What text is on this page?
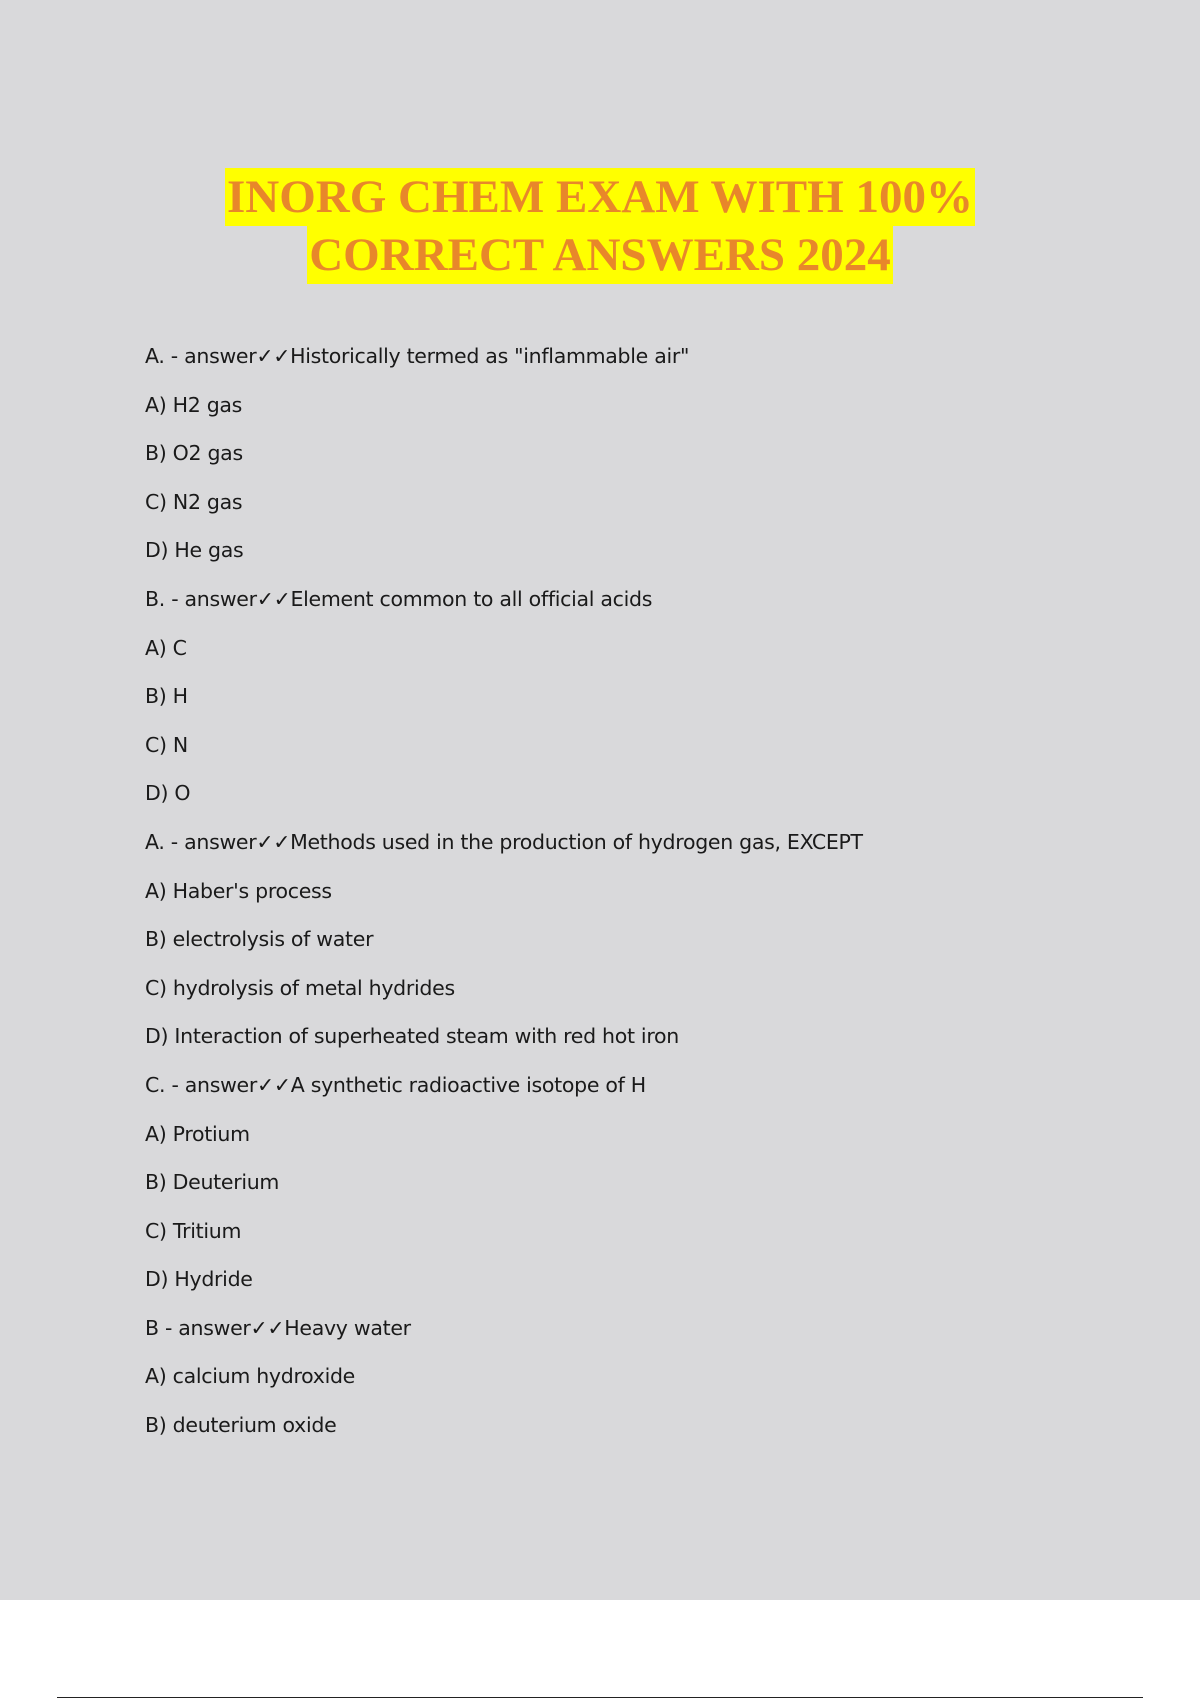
INORG CHEM EXAM WITH 100%
CORRECT ANSWERS 2024
A. - answer✓✓Historically termed as "inflammable air"
A) H2 gas
B) O2 gas
C) N2 gas
D) He gas
B. - answer✓✓Element common to all official acids
A) C
B) H
C) N
D) O
A. - answer✓✓Methods used in the production of hydrogen gas, EXCEPT
A) Haber's process
B) electrolysis of water
C) hydrolysis of metal hydrides
D) Interaction of superheated steam with red hot iron
C. - answer✓✓A synthetic radioactive isotope of H
A) Protium
B) Deuterium
C) Tritium
D) Hydride
B - answer✓✓Heavy water
A) calcium hydroxide
B) deuterium oxide
